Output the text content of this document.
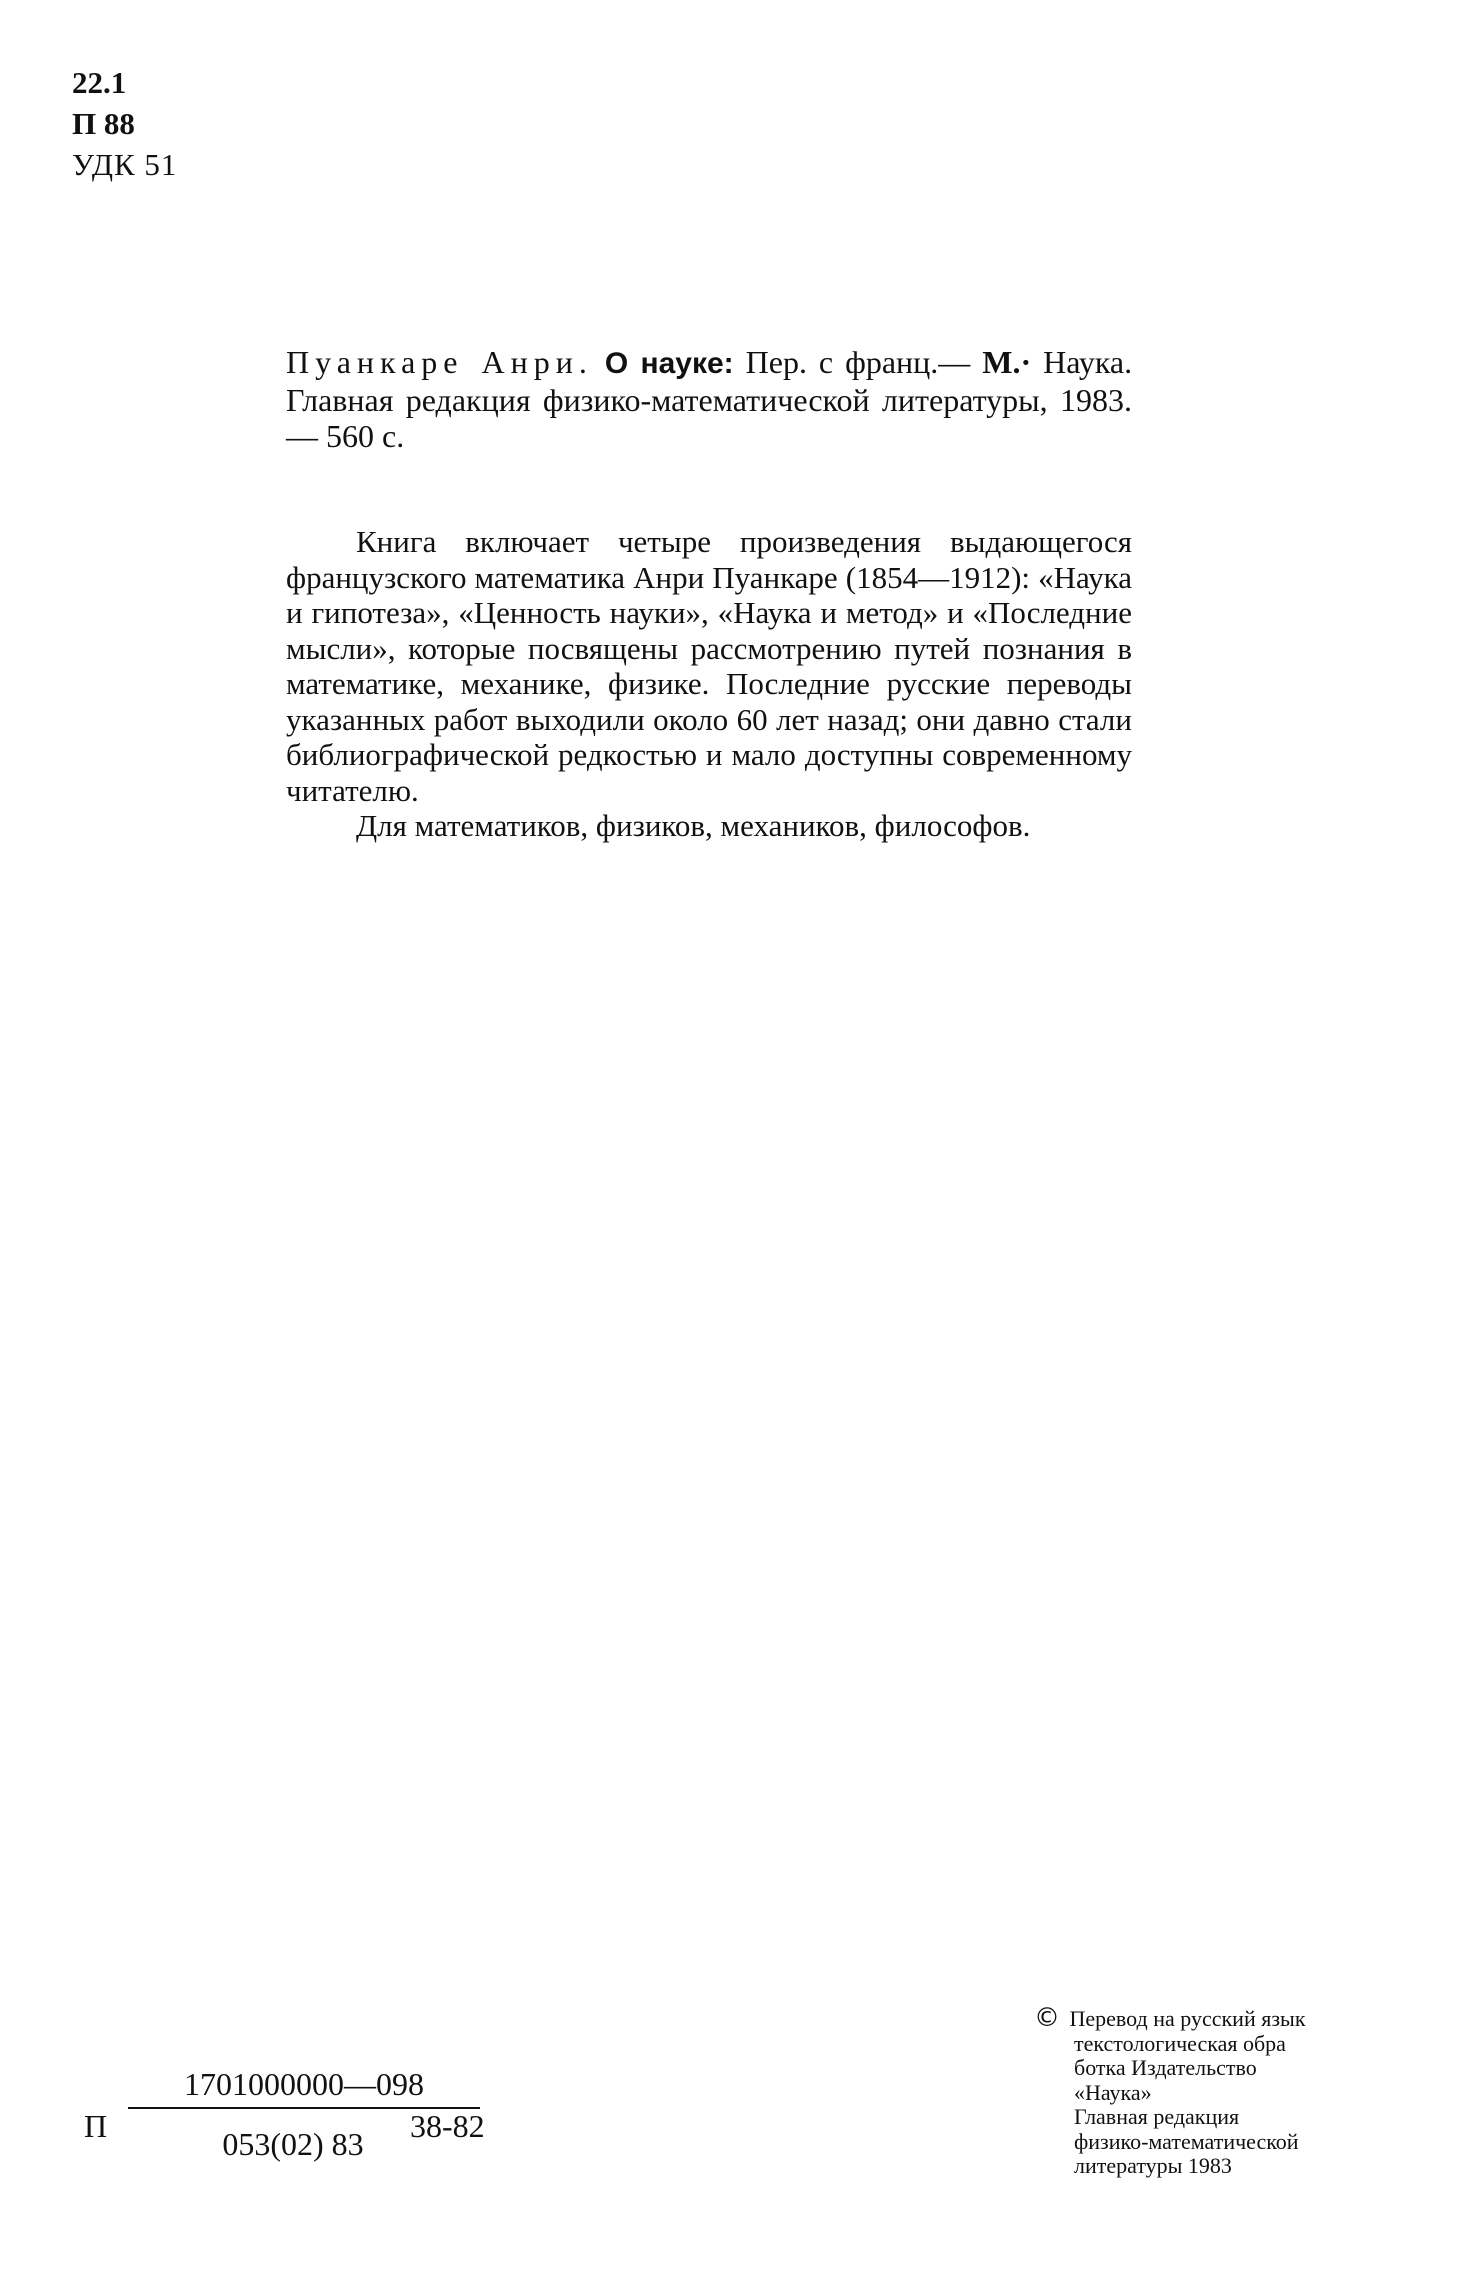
22.1
П 88
УДК 51
Пуанкаре Анри. О науке: Пер. с франц.— М.· Наука. Главная редакция физико-математической литературы, 1983.— 560 с.

Книга включает четыре произведения выдающегося французского математика Анри Пуанкаре (1854—1912): «Наука и гипотеза», «Ценность науки», «Наука и метод» и «Последние мысли», которые посвящены рассмотрению путей познания в математике, механике, физике. Последние русские переводы указанных работ выходили около 60 лет назад; они давно стали библиографической редкостью и мало доступны современному читателю.

Для математиков, физиков, механиков, философов.

П
1701000000—098
053(02) 83	38-82
© Перевод на русский язык
текстологическая обра
ботка Издательство
«Наука»
Главная редакция
физико-математической
литературы 1983
